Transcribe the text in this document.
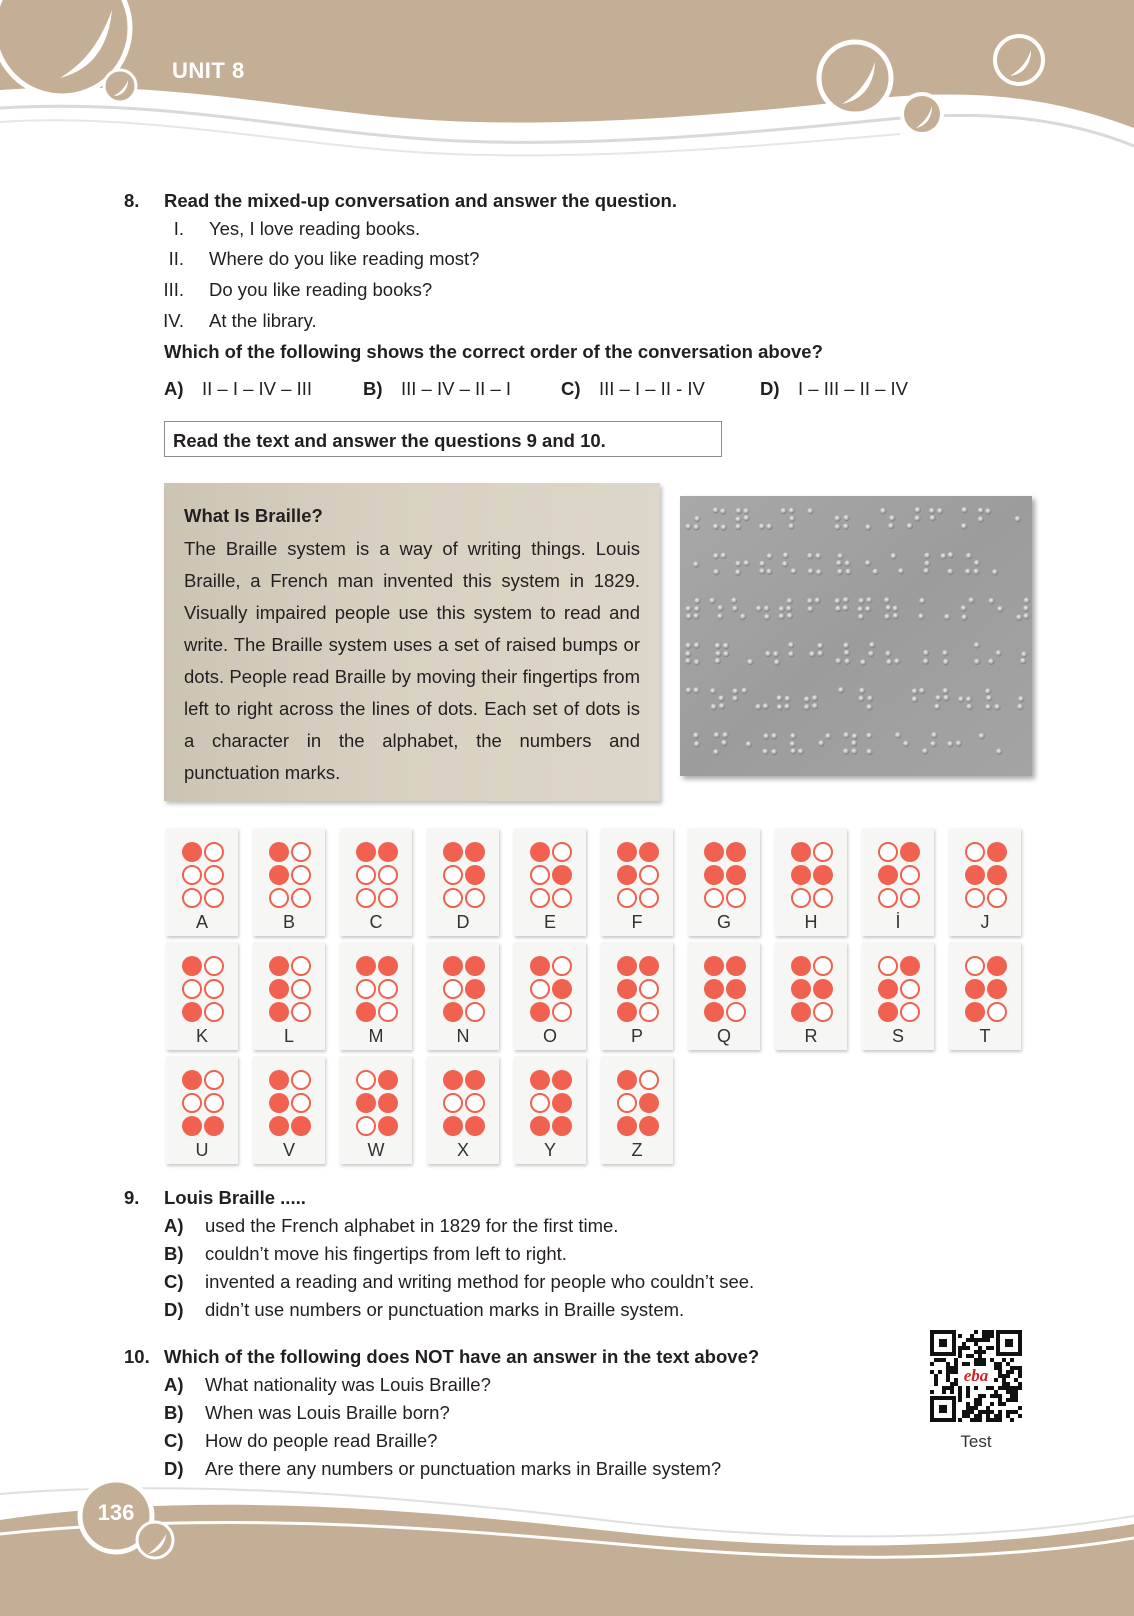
UNIT 8
8. Read the mixed-up conversation and answer the question.
I. Yes, I love reading books.
II. Where do you like reading most?
III. Do you like reading books?
IV. At the library.
Which of the following shows the correct order of the conversation above?
A) II – I – IV – III	B) III – IV – II – I	C) III – I – II - IV	D) I – III – II – IV
Read the text and answer the questions 9 and 10.
What Is Braille?
The Braille system is a way of writing things. Louis Braille, a French man invented this system in 1829. Visually impaired people use this system to read and write. The Braille system uses a set of raised bumps or dots. People read Braille by moving their fingertips from left to right across the lines of dots. Each set of dots is a character in the alphabet, the numbers and punctuation marks.
A	B	C	D	E	F	G	H	İ	J
K	L	M	N	O	P	Q	R	S	T
U	V	W	X	Y	Z
9. Louis Braille .....
A) used the French alphabet in 1829 for the first time.
B) couldn’t move his fingertips from left to right.
C) invented a reading and writing method for people who couldn’t see.
D) didn’t use numbers or punctuation marks in Braille system.
10. Which of the following does NOT have an answer in the text above?
A) What nationality was Louis Braille?
B) When was Louis Braille born?
C) How do people read Braille?
D) Are there any numbers or punctuation marks in Braille system?
eba
Test
136
